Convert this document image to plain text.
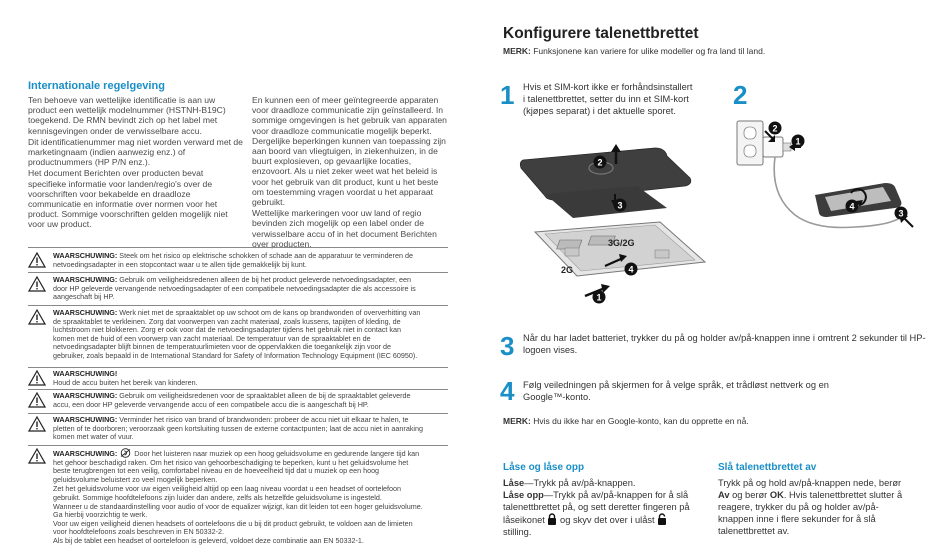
Internationale regelgeving

Ten behoeve van wettelijke identificatie is aan uw product een wettelijk modelnummer (HSTNH-B19C) toegekend. De RMN bevindt zich op het label met kennisgevingen onder de verwisselbare accu.

Dit identificatienummer mag niet worden verward met de marketingnaam (indien aanwezig enz.) of productnummers (HP P/N enz.).

Het document Berichten over producten bevat specifieke informatie voor landen/regio's over de voorschriften voor bekabelde en draadloze communicatie en informatie over normen voor het product. Sommige voorschriften gelden mogelijk niet voor uw product.

En kunnen een of meer geïntegreerde apparaten voor draadloze communicatie zijn geïnstalleerd. In sommige omgevingen is het gebruik van apparaten voor draadloze communicatie mogelijk beperkt. Dergelijke beperkingen kunnen van toepassing zijn aan boord van vliegtuigen, in ziekenhuizen, in de buurt explosieven, op gevaarlijke locaties, enzovoort. Als u niet zeker weet wat het beleid is voor het gebruik van dit product, kunt u het beste om toestemming vragen voordat u het apparaat gebruikt.

Wettelijke markeringen voor uw land of regio bevinden zich mogelijk op een label onder de verwisselbare accu of in het document Berichten over producten.

WAARSCHUWING: Steek om het risico op elektrische schokken of schade aan de apparatuur te verminderen de netvoedingsadapter in een stopcontact waar u te allen tijde gemakkelijk bij kunt.
WAARSCHUWING: Gebruik om veiligheidsredenen alleen de bij het product geleverde netvoedingsadapter, een door HP geleverde vervangende netvoedingsadapter of een compatibele netvoedingsadapter die als accessoire is aangeschaft bij HP.
WAARSCHUWING: Werk niet met de spraaktablet op uw schoot om de kans op brandwonden of oververhitting van de spraaktablet te verkleinen. Zorg dat voorwerpen van zacht materiaal, zoals kussens, tapijten of kleding, de luchtstroom niet blokkeren. Zorg er ook voor dat de netvoedingsadapter tijdens het gebruik niet in contact kan komen met de huid of een voorwerp van zacht materiaal. De temperatuur van de spraaktablet en de netvoedingsadapter blijft binnen de temperatuurlimieten voor de oppervlakken die toegankelijk zijn voor de gebruiker, zoals bepaald in de International Standard for Safety of Information Technology Equipment (IEC 60950).
WAARSCHUWING!
Houd de accu buiten het bereik van kinderen.
WAARSCHUWING: Gebruik om veiligheidsredenen voor de spraaktablet alleen de bij de spraaktablet geleverde accu, een door HP geleverde vervangende accu of een compatibele accu die is aangeschaft bij HP.
WAARSCHUWING: Verminder het risico van brand of brandwonden: probeer de accu niet uit elkaar te halen, te pletten of te doorboren; veroorzaak geen kortsluiting tussen de externe contactpunten; laat de accu niet in aanraking komen met water of vuur.
WAARSCHUWING:  Door het luisteren naar muziek op een hoog geluidsvolume en gedurende langere tijd kan het gehoor beschadigd raken. Om het risico van gehoorbeschadiging te beperken, kunt u het geluidsvolume het beste terugbrengen tot een veilig, comfortabel niveau en de hoeveelheid tijd dat u muziek op een hoog geluidsvolume beluistert zo veel mogelijk beperken.
Zet het geluidsvolume voor uw eigen veiligheid altijd op een laag niveau voordat u een headset of oortelefoon gebruikt. Sommige hoofdtelefoons zijn luider dan andere, zelfs als hetzelfde geluidsvolume is ingesteld.
Wanneer u de standaardinstelling voor audio of voor de equalizer wijzigt, kan dit leiden tot een hoger geluidsvolume. Ga hierbij voorzichtig te werk.
Voor uw eigen veiligheid dienen headsets of oortelefoons die u bij dit product gebruikt, te voldoen aan de limieten voor hoofdtelefoons zoals beschreven in EN 50332-2.
Als bij de tablet een headset of oortelefoon is geleverd, voldoet deze combinatie aan EN 50332-1.
Konfigurere talenettbrettet
MERK: Funksjonene kan variere for ulike modeller og fra land til land.
1 Hvis et SIM-kort ikke er forhåndsinstallert i talenettbrettet, setter du inn et SIM-kort (kjøpes separat) i det aktuelle sporet.
2
2
3
4
1
3G/2G
2G
2
1
4
3
3 Når du har ladet batteriet, trykker du på og holder av/på-knappen inne i omtrent 2 sekunder til HP-logoen vises.
4 Følg veiledningen på skjermen for å velge språk, et trådløst nettverk og en Google™-konto.
MERK: Hvis du ikke har en Google-konto, kan du opprette en nå.
Låse og låse opp
Låse—Trykk på av/på-knappen.
Låse opp—Trykk på av/på-knappen for å slå talenettbrettet på, og sett deretter fingeren på låseikonet  og skyv det over i ulåst  stilling.
Slå talenettbrettet av
Trykk på og hold av/på-knappen nede, berør Av og berør OK. Hvis talenettbrettet slutter å reagere, trykker du på og holder av/på-knappen inne i flere sekunder for å slå talenettbrettet av.
